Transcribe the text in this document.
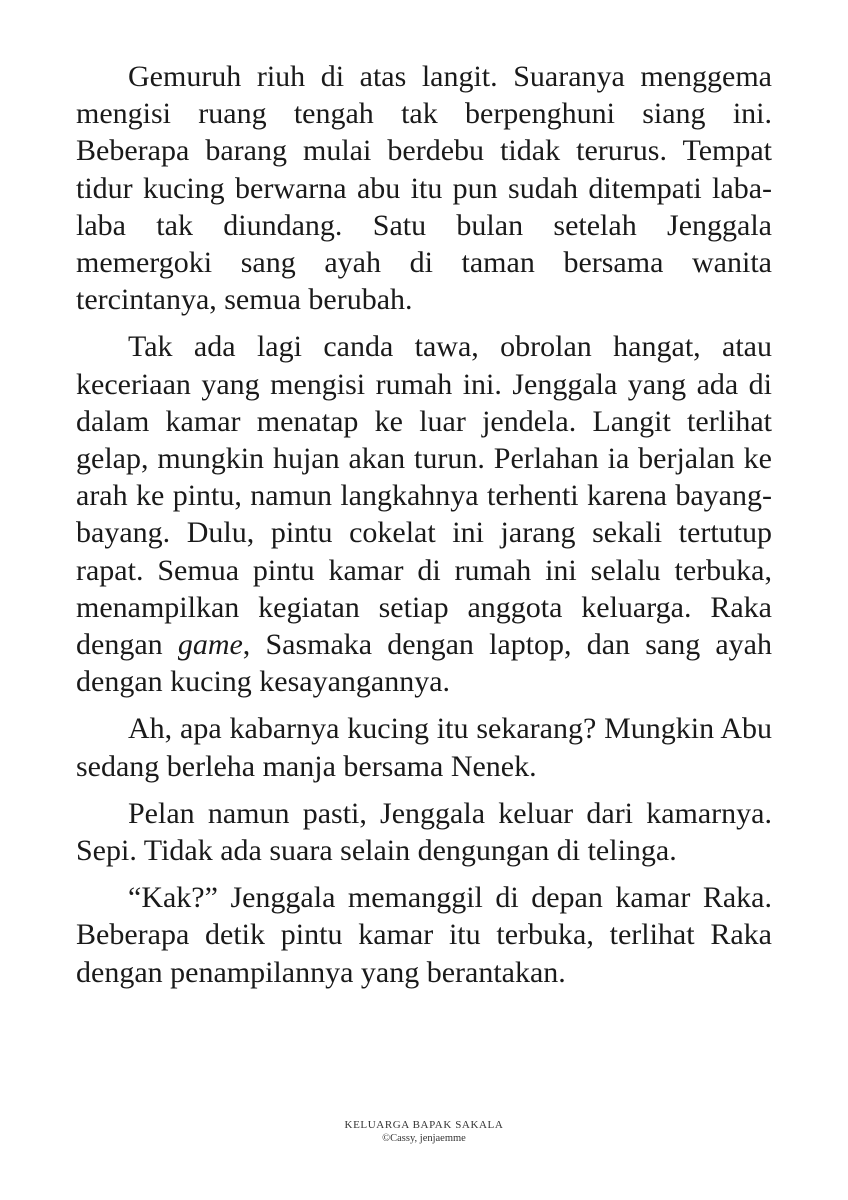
Gemuruh riuh di atas langit. Suaranya menggema mengisi ruang tengah tak berpenghuni siang ini. Beberapa barang mulai berdebu tidak terurus. Tempat tidur kucing berwarna abu itu pun sudah ditempati laba-laba tak diundang. Satu bulan setelah Jenggala memergoki sang ayah di taman bersama wanita tercintanya, semua berubah.

Tak ada lagi canda tawa, obrolan hangat, atau keceriaan yang mengisi rumah ini. Jenggala yang ada di dalam kamar menatap ke luar jendela. Langit terlihat gelap, mungkin hujan akan turun. Perlahan ia berjalan ke arah ke pintu, namun langkahnya terhenti karena bayang-bayang. Dulu, pintu cokelat ini jarang sekali tertutup rapat. Semua pintu kamar di rumah ini selalu terbuka, menampilkan kegiatan setiap anggota keluarga. Raka dengan game, Sasmaka dengan laptop, dan sang ayah dengan kucing kesayangannya.

Ah, apa kabarnya kucing itu sekarang? Mungkin Abu sedang berleha manja bersama Nenek.

Pelan namun pasti, Jenggala keluar dari kamarnya. Sepi. Tidak ada suara selain dengungan di telinga.

“Kak?” Jenggala memanggil di depan kamar Raka. Beberapa detik pintu kamar itu terbuka, terlihat Raka dengan penampilannya yang berantakan.

KELUARGA BAPAK SAKALA
©Cassy, jenjaemme
